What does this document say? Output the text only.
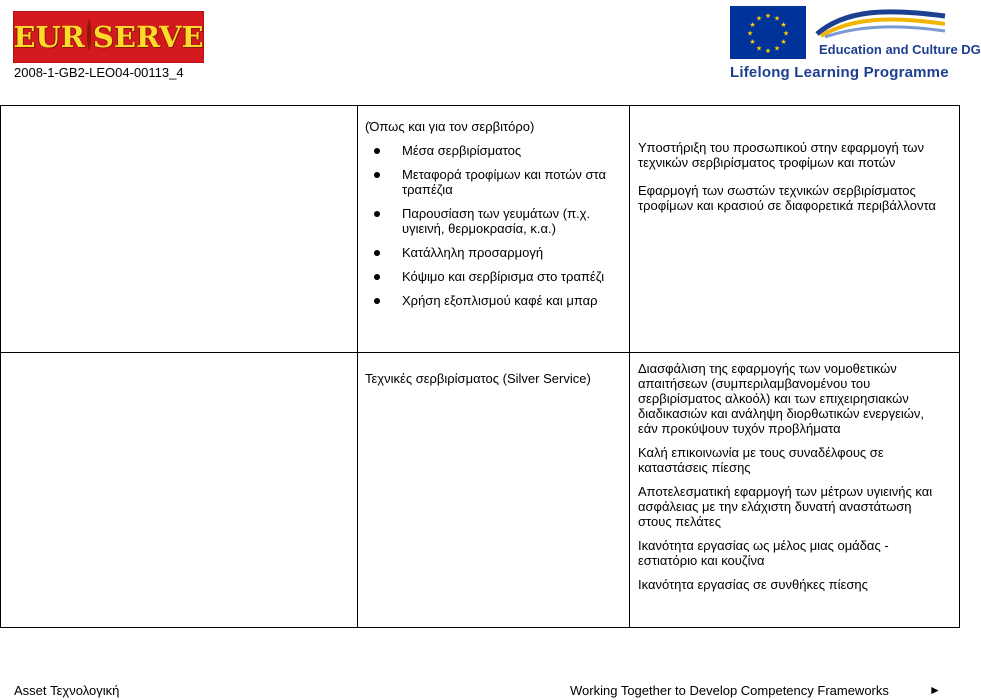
EUR SERVE
2008-1-GB2-LEO04-00113_4
★ ★
★
★
★
★
★
★
★
★
★
★
Education and Culture DG
Lifelong Learning Programme

(Όπως και για τον σερβιτόρο)

Μέσα σερβιρίσματος
Μεταφορά τροφίμων και ποτών στα τραπέζια
Παρουσίαση των γευμάτων (π.χ. υγιεινή, θερμοκρασία, κ.α.)
Κατάλληλη προσαρμογή
Κόψιμο και σερβίρισμα στο τραπέζι
Χρήση εξοπλισμού καφέ και μπαρ

Υποστήριξη του προσωπικού στην εφαρμογή των τεχνικών σερβιρίσματος τροφίμων και ποτών

Εφαρμογή των σωστών τεχνικών σερβιρίσματος τροφίμων και κρασιού σε διαφορετικά περιβάλλοντα

Τεχνικές σερβιρίσματος (Silver Service)

Διασφάλιση της εφαρμογής των νομοθετικών απαιτήσεων (συμπεριλαμβανομένου του σερβιρίσματος αλκοόλ) και των επιχειρησιακών διαδικασιών και ανάληψη διορθωτικών ενεργειών, εάν προκύψουν τυχόν προβλήματα

Καλή επικοινωνία με τους συναδέλφους σε καταστάσεις πίεσης

Αποτελεσματική εφαρμογή των μέτρων υγιεινής και ασφάλειας με την ελάχιστη δυνατή αναστάτωση στους πελάτες

Ικανότητα εργασίας ως μέλος μιας ομάδας - εστιατόριο και κουζίνα

Ικανότητα εργασίας σε συνθήκες πίεσης

Asset Τεχνολογική	Working Together to Develop Competency Frameworks	►
